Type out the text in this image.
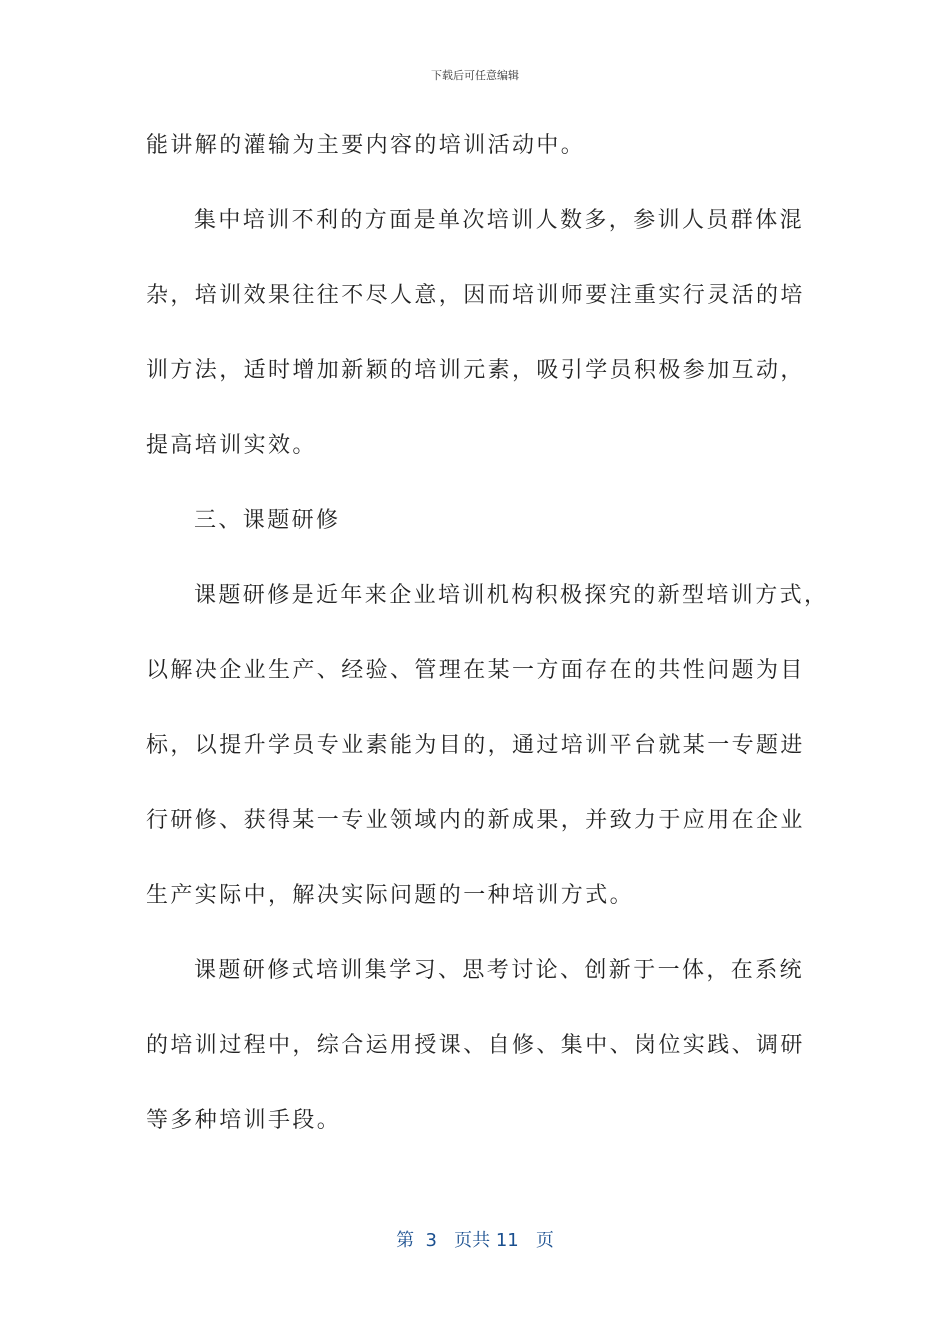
下载后可任意编辑
能讲解的灌输为主要内容的培训活动中。
集中培训不利的方面是单次培训人数多，参训人员群体混
杂，培训效果往往不尽人意，因而培训师要注重实行灵活的培
训方法，适时增加新颖的培训元素，吸引学员积极参加互动，
提高培训实效。
三、课题研修
课题研修是近年来企业培训机构积极探究的新型培训方式，
以解决企业生产、经验、管理在某一方面存在的共性问题为目
标，以提升学员专业素能为目的，通过培训平台就某一专题进
行研修、获得某一专业领域内的新成果，并致力于应用在企业
生产实际中，解决实际问题的一种培训方式。
课题研修式培训集学习、思考讨论、创新于一体，在系统
的培训过程中，综合运用授课、自修、集中、岗位实践、调研
等多种培训手段。
第  3   页共 11   页
